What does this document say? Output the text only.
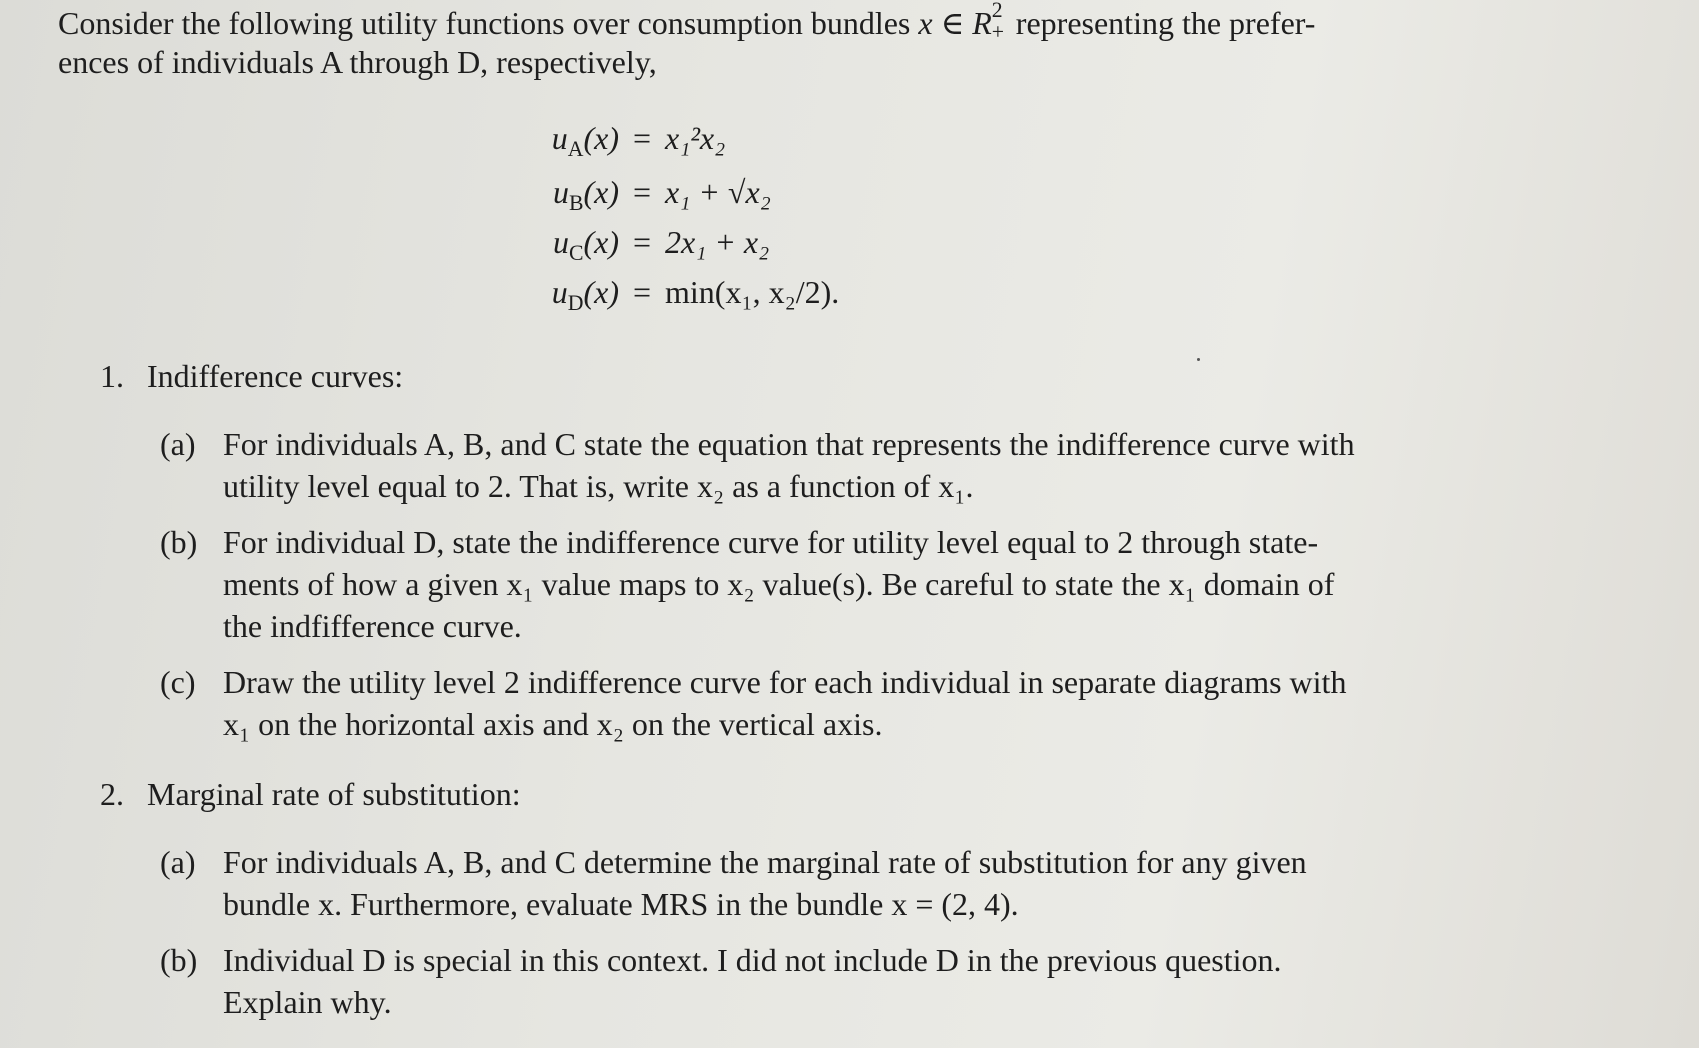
Consider the following utility functions over consumption bundles x ∈ R 2
+ representing the prefer-
ences of individuals A through D, respectively,
$u_A(x) = x_1^2x_2$
$u_B(x) = x_1 + √x_2$
$u_C(x) = 2x_1 + x_2$
$u_D(x) = \min(x_1$, x₂/2).
1. Indifference curves:
(a) For individuals A, B, and C state the equation that represents the indifference curve with
utility level equal to 2. That is, write x₂ as a function of x₁.
(b) For individual D, state the indifference curve for utility level equal to 2 through state-
ments of how a given x₁ value maps to x₂ value(s). Be careful to state the x₁ domain of
the indfifference curve.
(c) Draw the utility level 2 indifference curve for each individual in separate diagrams with
x₁ on the horizontal axis and x₂ on the vertical axis.
2. Marginal rate of substitution:
(a) For individuals A, B, and C determine the marginal rate of substitution for any given
bundle x. Furthermore, evaluate MRS in the bundle x = (2, 4).
(b) Individual D is special in this context. I did not include D in the previous question.
Explain why.
